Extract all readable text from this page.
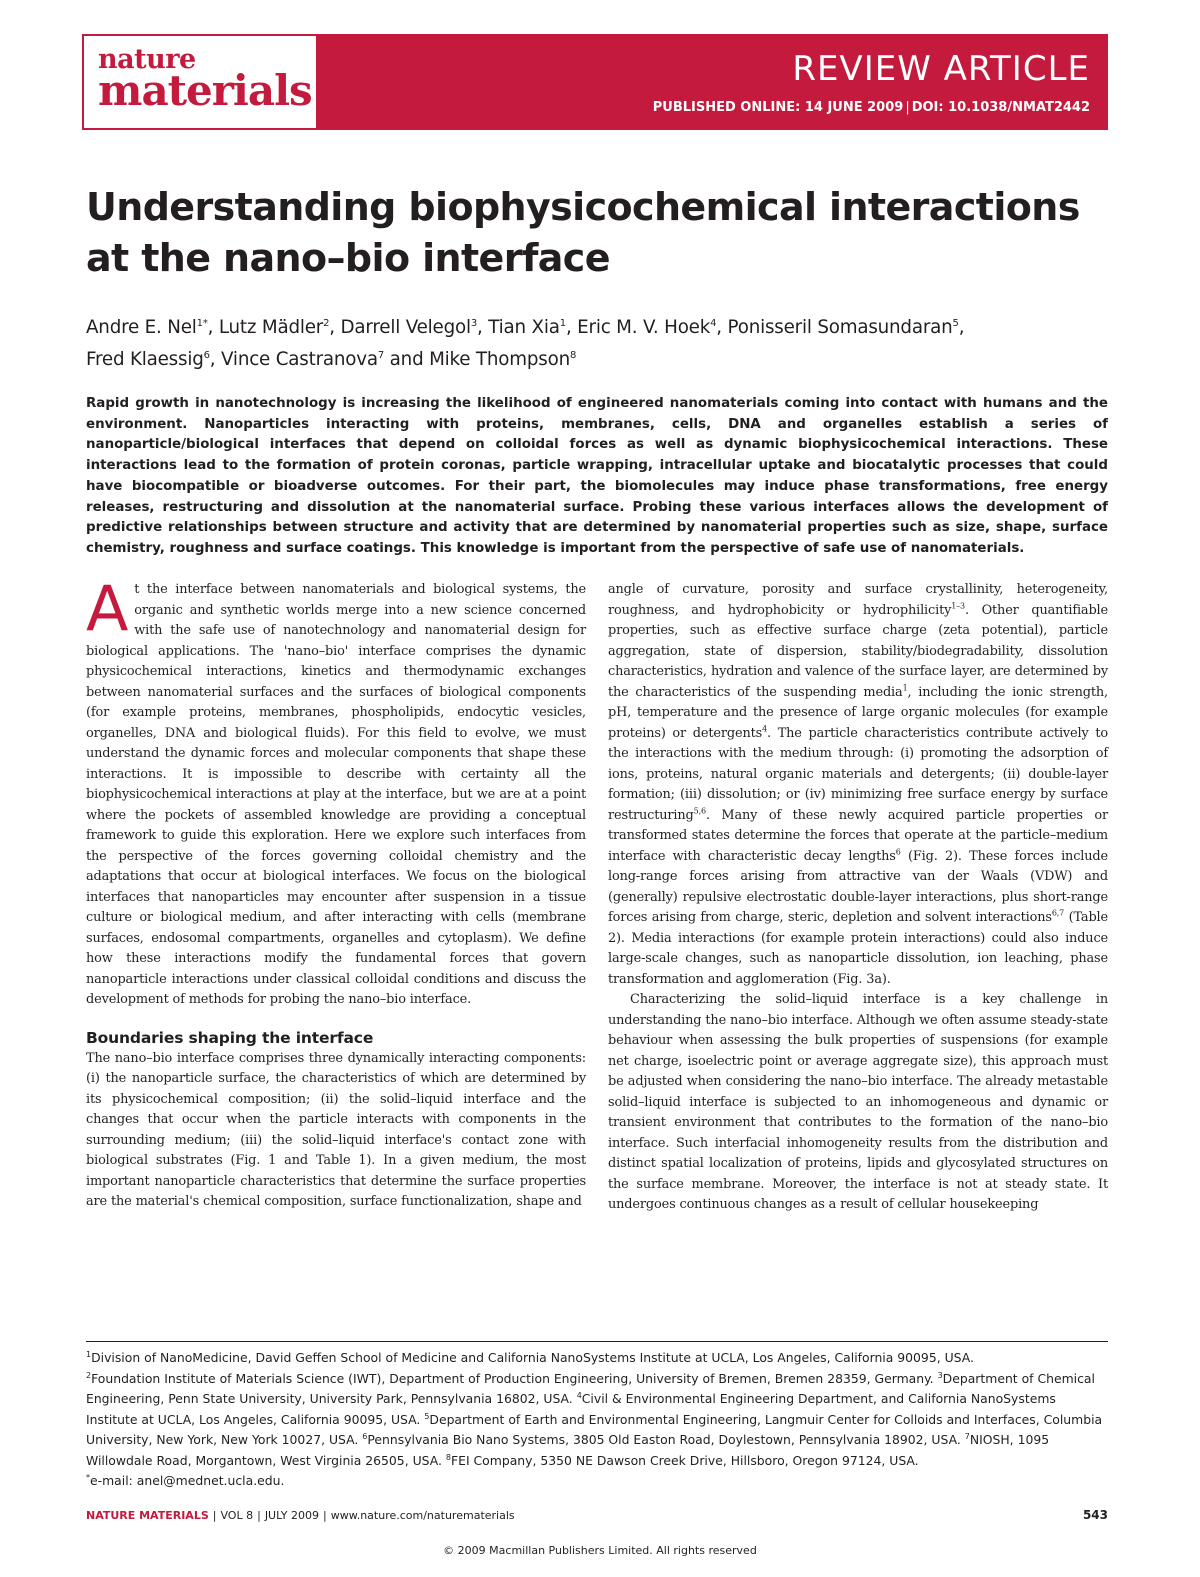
nature
materials	REVIEW ARTICLE
PUBLISHED ONLINE: 14 JUNE 2009 | DOI: 10.1038/NMAT2442
Understanding biophysicochemical interactions at the nano–bio interface

Andre E. Nel$^{1*}$, Lutz Mädler$^2$, Darrell Velegol$^3$, Tian Xia$^1$, Eric M. V. Hoek$^4$, Ponisseril Somasundaran$^5$,
Fred Klaessig$^6$, Vince Castranova$^7$ and Mike Thompson$^8$

Rapid growth in nanotechnology is increasing the likelihood of engineered nanomaterials coming into contact with humans and the environment. Nanoparticles interacting with proteins, membranes, cells, DNA and organelles establish a series of nanoparticle/biological interfaces that depend on colloidal forces as well as dynamic biophysicochemical interactions. These interactions lead to the formation of protein coronas, particle wrapping, intracellular uptake and biocatalytic processes that could have biocompatible or bioadverse outcomes. For their part, the biomolecules may induce phase transformations, free energy releases, restructuring and dissolution at the nanomaterial surface. Probing these various interfaces allows the development of predictive relationships between structure and activity that are determined by nanomaterial properties such as size, shape, surface chemistry, roughness and surface coatings. This knowledge is important from the perspective of safe use of nanomaterials.

At the interface between nanomaterials and biological systems, the organic and synthetic worlds merge into a new science concerned with the safe use of nanotechnology and nanomaterial design for biological applications. The 'nano–bio' interface comprises the dynamic physicochemical interactions, kinetics and thermodynamic exchanges between nanomaterial surfaces and the surfaces of biological components (for example proteins, membranes, phospholipids, endocytic vesicles, organelles, DNA and biological fluids). For this field to evolve, we must understand the dynamic forces and molecular components that shape these interactions. It is impossible to describe with certainty all the biophysicochemical interactions at play at the interface, but we are at a point where the pockets of assembled knowledge are providing a conceptual framework to guide this exploration. Here we explore such interfaces from the perspective of the forces governing colloidal chemistry and the adaptations that occur at biological interfaces. We focus on the biological interfaces that nanoparticles may encounter after suspension in a tissue culture or biological medium, and after interacting with cells (membrane surfaces, endosomal compartments, organelles and cytoplasm). We define how these interactions modify the fundamental forces that govern nanoparticle interactions under classical colloidal conditions and discuss the development of methods for probing the nano–bio interface.

Boundaries shaping the interface

The nano–bio interface comprises three dynamically interacting components: (i) the nanoparticle surface, the characteristics of which are determined by its physicochemical composition; (ii) the solid–liquid interface and the changes that occur when the particle interacts with components in the surrounding medium; (iii) the solid–liquid interface's contact zone with biological substrates (Fig. 1 and Table 1). In a given medium, the most important nanoparticle characteristics that determine the surface properties are the material's chemical composition, surface functionalization, shape and

angle of curvature, porosity and surface crystallinity, heterogeneity, roughness, and hydrophobicity or hydrophilicity$^{1-3}$. Other quantifiable properties, such as effective surface charge (zeta potential), particle aggregation, state of dispersion, stability/biodegradability, dissolution characteristics, hydration and valence of the surface layer, are determined by the characteristics of the suspending media$^1$, including the ionic strength, pH, temperature and the presence of large organic molecules (for example proteins) or detergents$^4$. The particle characteristics contribute actively to the interactions with the medium through: (i) promoting the adsorption of ions, proteins, natural organic materials and detergents; (ii) double-layer formation; (iii) dissolution; or (iv) minimizing free surface energy by surface restructuring$^{5,6}$. Many of these newly acquired particle properties or transformed states determine the forces that operate at the particle–medium interface with characteristic decay lengths$^6$ (Fig. 2). These forces include long-range forces arising from attractive van der Waals (VDW) and (generally) repulsive electrostatic double-layer interactions, plus short-range forces arising from charge, steric, depletion and solvent interactions$^{6,7}$ (Table 2). Media interactions (for example protein interactions) could also induce large-scale changes, such as nanoparticle dissolution, ion leaching, phase transformation and agglomeration (Fig. 3a).

Characterizing the solid–liquid interface is a key challenge in understanding the nano–bio interface. Although we often assume steady-state behaviour when assessing the bulk properties of suspensions (for example net charge, isoelectric point or average aggregate size), this approach must be adjusted when considering the nano–bio interface. The already metastable solid–liquid interface is subjected to an inhomogeneous and dynamic or transient environment that contributes to the formation of the nano–bio interface. Such interfacial inhomogeneity results from the distribution and distinct spatial localization of proteins, lipids and glycosylated structures on the surface membrane. Moreover, the interface is not at steady state. It undergoes continuous changes as a result of cellular housekeeping

$^1$Division of NanoMedicine, David Geffen School of Medicine and California NanoSystems Institute at UCLA, Los Angeles, California 90095, USA.
$^2$Foundation Institute of Materials Science (IWT), Department of Production Engineering, University of Bremen, Bremen 28359, Germany. $^3$Department of Chemical Engineering, Penn State University, University Park, Pennsylvania 16802, USA. $^4$Civil & Environmental Engineering Department, and California NanoSystems Institute at UCLA, Los Angeles, California 90095, USA. $^5$Department of Earth and Environmental Engineering, Langmuir Center for Colloids and Interfaces, Columbia University, New York, New York 10027, USA. $^6$Pennsylvania Bio Nano Systems, 3805 Old Easton Road, Doylestown, Pennsylvania 18902, USA. $^7$NIOSH, 1095 Willowdale Road, Morgantown, West Virginia 26505, USA. $^8$FEI Company, 5350 NE Dawson Creek Drive, Hillsboro, Oregon 97124, USA.
*e-mail: anel@mednet.ucla.edu.

NATURE MATERIALS | VOL 8 | JULY 2009 | www.nature.com/naturematerials	543
© 2009 Macmillan Publishers Limited. All rights reserved
